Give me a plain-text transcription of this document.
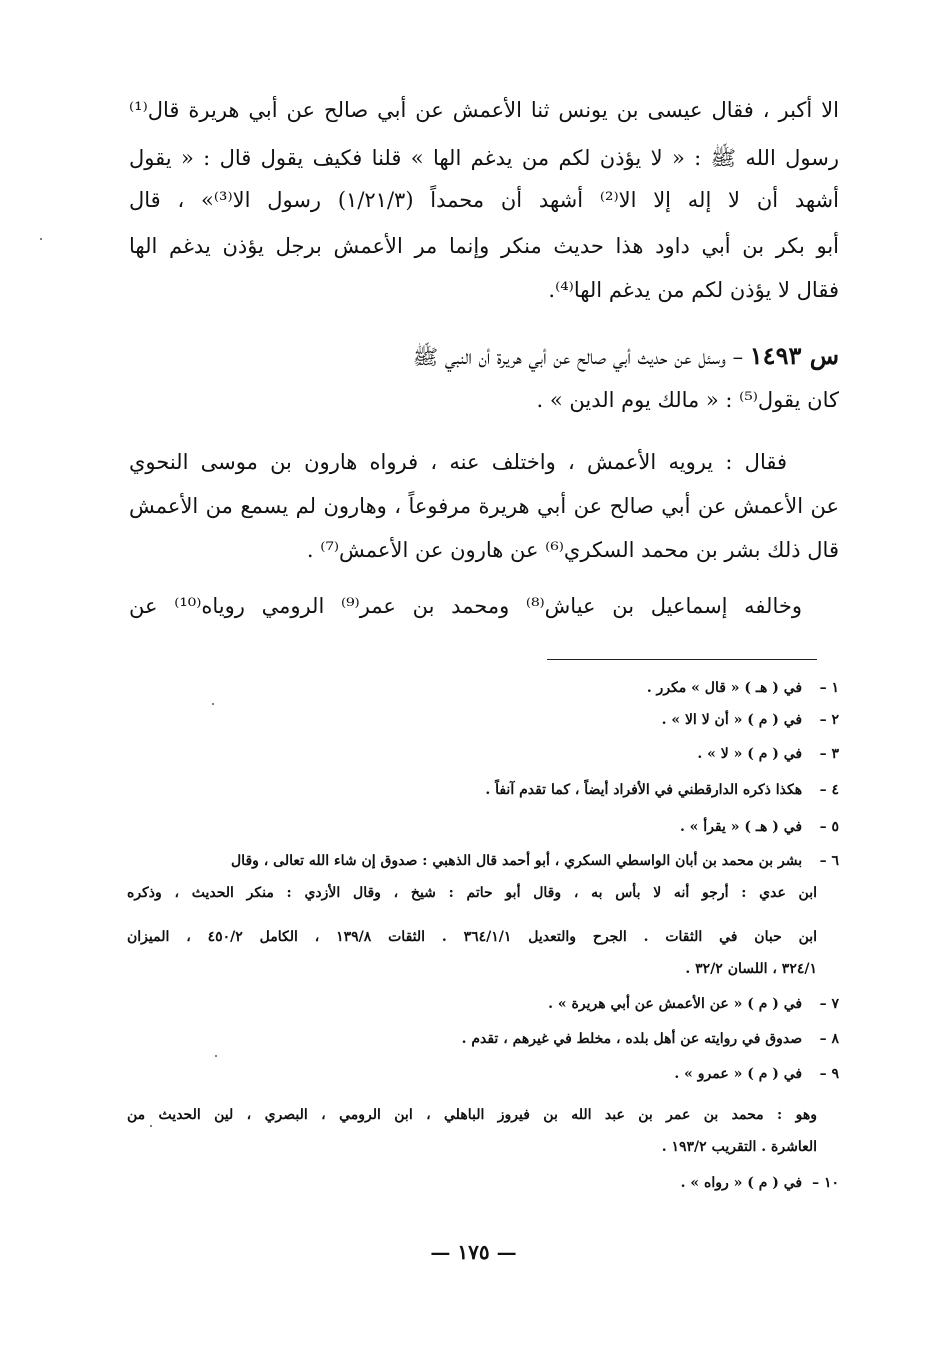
الا أكبر ، فقال عيسى بن يونس ثنا الأعمش عن أبي صالح عن أبي هريرة قال⁽¹⁾
رسول الله ﷺ : « لا يؤذن لكم من يدغم الها » قلنا فكيف يقول قال : « يقول
أشهد أن لا إله إلا الا⁽²⁾ أشهد أن محمداً (١/٢١/٣) رسول الا⁽³⁾» ، قال
أبو بكر بن أبي داود هذا حديث منكر وإنما مر الأعمش برجل يؤذن يدغم الها
فقال لا يؤذن لكم من يدغم الها⁽⁴⁾.
س ١٤٩٣ – وسئل عن حديث أبي صالح عن أبي هريرة أن النبي ﷺ
كان يقول⁽⁵⁾ : « مالك يوم الدين » .
فقال : يرويه الأعمش ، واختلف عنه ، فرواه هارون بن موسى النحوي
عن الأعمش عن أبي صالح عن أبي هريرة مرفوعاً ، وهارون لم يسمع من الأعمش
قال ذلك بشر بن محمد السكري⁽⁶⁾ عن هارون عن الأعمش⁽⁷⁾ .
وخالفه إسماعيل بن عياش⁽⁸⁾ ومحمد بن عمر⁽⁹⁾ الرومي روياه⁽¹⁰⁾ عن
١ – في ( هـ ) « قال » مكرر .
٢ – في ( م ) « أن لا الا » .
٣ – في ( م ) « لا » .
٤ – هكذا ذكره الدارقطني في الأفراد أيضاً ، كما تقدم آنفاً .
٥ – في ( هـ ) « يقرأ » .
٦ – بشر بن محمد بن أبان الواسطي السكري ، أبو أحمد قال الذهبي : صدوق إن شاء الله تعالى ، وقال
ابن عدي : أرجو أنه لا بأس به ، وقال أبو حاتم : شيخ ، وقال الأزدي : منكر الحديث ، وذكره
ابن حبان في الثقات . الجرح والتعديل ٣٦٤/١/١ . الثقات ١٣٩/٨ ، الكامل ٤٥٠/٢ ، الميزان
٣٢٤/١ ، اللسان ٣٢/٢ .
٧ – في ( م ) « عن الأعمش عن أبي هريرة » .
٨ – صدوق في روايته عن أهل بلده ، مخلط في غيرهم ، تقدم .
٩ – في ( م ) « عمرو » .
وهو : محمد بن عمر بن عبد الله بن فيروز الباهلي ، ابن الرومي ، البصري ، لين الحديث من
العاشرة . التقريب ١٩٣/٢ .
١٠ – في ( م ) « رواه » .
— ١٧٥ —
